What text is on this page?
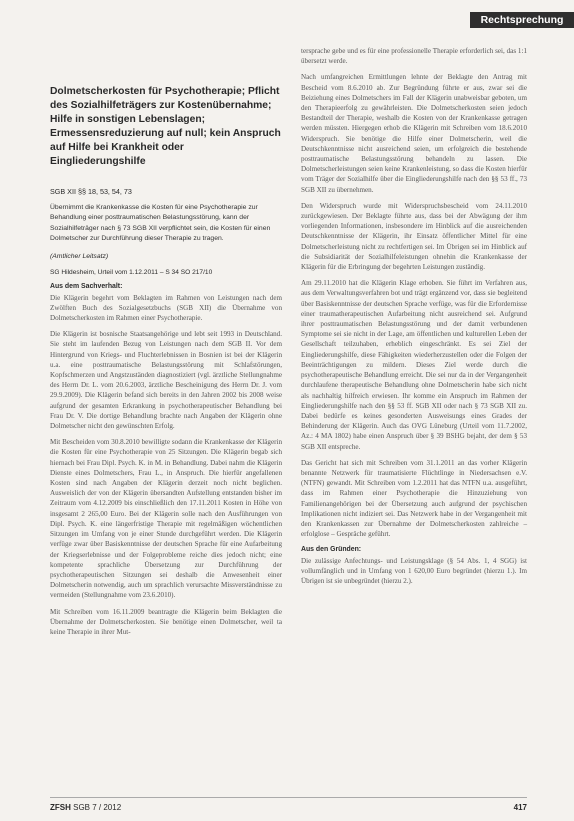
Rechtsprechung
Dolmetscherkosten für Psychotherapie; Pflicht des Sozialhilfeträgers zur Kostenübernahme; Hilfe in sonstigen Lebenslagen; Ermessensreduzierung auf null; kein Anspruch auf Hilfe bei Krankheit oder Eingliederungshilfe
SGB XII §§ 18, 53, 54, 73
Übernimmt die Krankenkasse die Kosten für eine Psychotherapie zur Behandlung einer posttraumatischen Belastungsstörung, kann der Sozialhilfeträger nach § 73 SGB XII verpflichtet sein, die Kosten für einen Dolmetscher zur Durchführung dieser Therapie zu tragen.
(Amtlicher Leitsatz)
SG Hildesheim, Urteil vom 1.12.2011 – S 34 SO 217/10
Aus dem Sachverhalt:

Die Klägerin begehrt vom Beklagten im Rahmen von Leistungen nach dem Zwölften Buch des Sozialgesetzbuchs (SGB XII) die Übernahme von Dolmetscherkosten im Rahmen einer Psychotherapie.

Die Klägerin ist bosnische Staatsangehörige und lebt seit 1993 in Deutschland. Sie steht im laufenden Bezug von Leistungen nach dem SGB II. Vor dem Hintergrund von Kriegs- und Fluchterlebnissen in Bosnien ist bei der Klägerin u.a. eine posttraumatische Belastungsstörung mit Schlafstörungen, Kopfschmerzen und Angstzuständen diagnostiziert (vgl. ärztliche Stellungnahme des Herrn Dr. L. vom 20.6.2003, ärztliche Bescheinigung des Herrn Dr. J. vom 29.9.2009). Die Klägerin befand sich bereits in den Jahren 2002 bis 2008 weise aufgrund der gesamten Erkrankung in psychotherapeutischer Behandlung bei Frau Dr. V. Die dortige Behandlung brachte nach Angaben der Klägerin ohne Dolmetscher nicht den gewünschten Erfolg.

Mit Bescheiden vom 30.8.2010 bewilligte sodann die Krankenkasse der Klägerin die Kosten für eine Psychotherapie von 25 Sitzungen. Die Klägerin begab sich hiernach bei Frau Dipl. Psych. K. in M. in Behandlung. Dabei nahm die Klägerin Dienste eines Dolmetschers, Frau L., in Anspruch. Die hierfür angefallenen Kosten sind nach Angaben der Klägerin derzeit noch nicht beglichen. Ausweislich der von der Klägerin übersandten Aufstellung entstanden bisher im Zeitraum vom 4.12.2009 bis einschließlich den 17.11.2011 Kosten in Höhe von insgesamt 2 265,00 Euro. Bei der Klägerin solle nach den Ausführungen von Dipl. Psych. K. eine längerfristige Therapie mit regelmäßigen wöchentlichen Sitzungen im Umfang von je einer Stunde durchgeführt werden. Die Klägerin verfüge zwar über Basiskenntnisse der deutschen Sprache für eine Aufarbeitung der Kriegserlebnisse und der Folgeprobleme reiche dies jedoch nicht; eine kompetente sprachliche Übersetzung zur Durchführung der psychotherapeutischen Sitzungen sei deshalb die Anwesenheit einer Dolmetscherin notwendig, auch um sprachlich verursachte Missverständnisse zu vermeiden (Stellungnahme vom 23.6.2010).

Mit Schreiben vom 16.11.2009 beantragte die Klägerin beim Beklagten die Übernahme der Dolmetscherkosten. Sie benötige einen Dolmetscher, weil ta keine Therapie in ihrer Mut-

tersprache gebe und es für eine professionelle Therapie erforderlich sei, das 1:1 übersetzt werde.

Nach umfangreichen Ermittlungen lehnte der Beklagte den Antrag mit Bescheid vom 8.6.2010 ab. Zur Begründung führte er aus, zwar sei die Beiziehung eines Dolmetschers im Fall der Klägerin unabweisbar geboten, um den Therapieerfolg zu gewährleisten. Die Dolmetscherkosten seien jedoch Bestandteil der Therapie, weshalb die Kosten von der Krankenkasse getragen werden müssten. Hiergegen erhob die Klägerin mit Schreiben vom 18.6.2010 Widerspruch. Sie benötige die Hilfe einer Dolmetscherin, weil die Deutschkenntnisse nicht ausreichend seien, um erfolgreich die bestehende posttraumatische Belastungsstörung behandeln zu lassen. Die Dolmetscherleistungen seien keine Krankenleistung, so dass die Kosten hierfür vom Träger der Sozialhilfe über die Eingliederungshilfe nach den §§ 53 ff., 73 SGB XII zu übernehmen.

Den Widerspruch wurde mit Widerspruchsbescheid vom 24.11.2010 zurückgewiesen. Der Beklagte führte aus, dass bei der Abwägung der ihm vorliegenden Informationen, insbesondere im Hinblick auf die ausreichenden Deutschkenntnisse der Klägerin, ihr Einsatz öffentlicher Mittel für eine Dolmetscherleistung nicht zu rechtfertigen sei. Im Übrigen sei im Hinblick auf die Subsidiarität der Sozialhilfeleistungen ohnehin die Krankenkasse der Klägerin für die Erbringung der begehrten Leistungen zuständig.

Am 29.11.2010 hat die Klägerin Klage erhoben. Sie führt im Verfahren aus, aus dem Verwaltungsverfahren bot und trägt ergänzend vor, dass sie begleitend über Basiskenntnisse der deutschen Sprache verfüge, was für die Erfordernisse einer traumatherapeutischen Aufarbeitung nicht ausreichend sei. Aufgrund ihrer posttraumatischen Belastungsstörung und der damit verbundenen Symptome sei sie nicht in der Lage, am öffentlichen und kulturellen Leben der Gesellschaft teilzuhaben, erheblich eingeschränkt. Es sei Ziel der Eingliederungshilfe, diese Fähigkeiten wiederherzustellen oder die Folgen der Beeinträchtigungen zu mildern. Dieses Ziel werde durch die psychotherapeutische Behandlung erreicht. Die sei nur da in der Vergangenheit durchlaufene therapeutische Behandlung ohne Dolmetscherin habe sich nicht als nachhaltig hilfreich erwiesen. Ihr komme ein Anspruch im Rahmen der Eingliederungshilfe nach den §§ 53 ff. SGB XII oder nach § 73 SGB XII zu. Dabei bedürfe es keines gesonderten Ausweisungs eines Grades der Behinderung der Klägerin. Auch das OVG Lüneburg (Urteil vom 11.7.2002, Az.: 4 MA 1802) habe einen Anspruch über § 39 BSHG bejaht, der dem § 53 SGB XII entspreche.

Das Gericht hat sich mit Schreiben vom 31.1.2011 an das vorher Klägerin benannte Netzwerk für traumatisierte Flüchtlinge in Niedersachsen e.V. (NTFN) gewandt. Mit Schreiben vom 1.2.2011 hat das NTFN u.a. ausgeführt, dass im Rahmen einer Psychotherapie die Hinzuziehung von Familienangehörigen bei der Übersetzung auch aufgrund der psychischen Implikationen nicht indiziert sei. Das Netzwerk habe in der Vergangenheit mit den Krankenkassen zur Übernahme der Dolmetscherkosten zahlreiche – erfolglose – Gespräche geführt.

Aus den Gründen:

Die zulässige Anfechtungs- und Leistungsklage (§ 54 Abs. 1, 4 SGG) ist vollumfänglich und in Umfang von 1 620,00 Euro begründet (hierzu 1.). Im Übrigen ist sie unbegründet (hierzu 2.).

ZFSH SGB 7 / 2012	417
